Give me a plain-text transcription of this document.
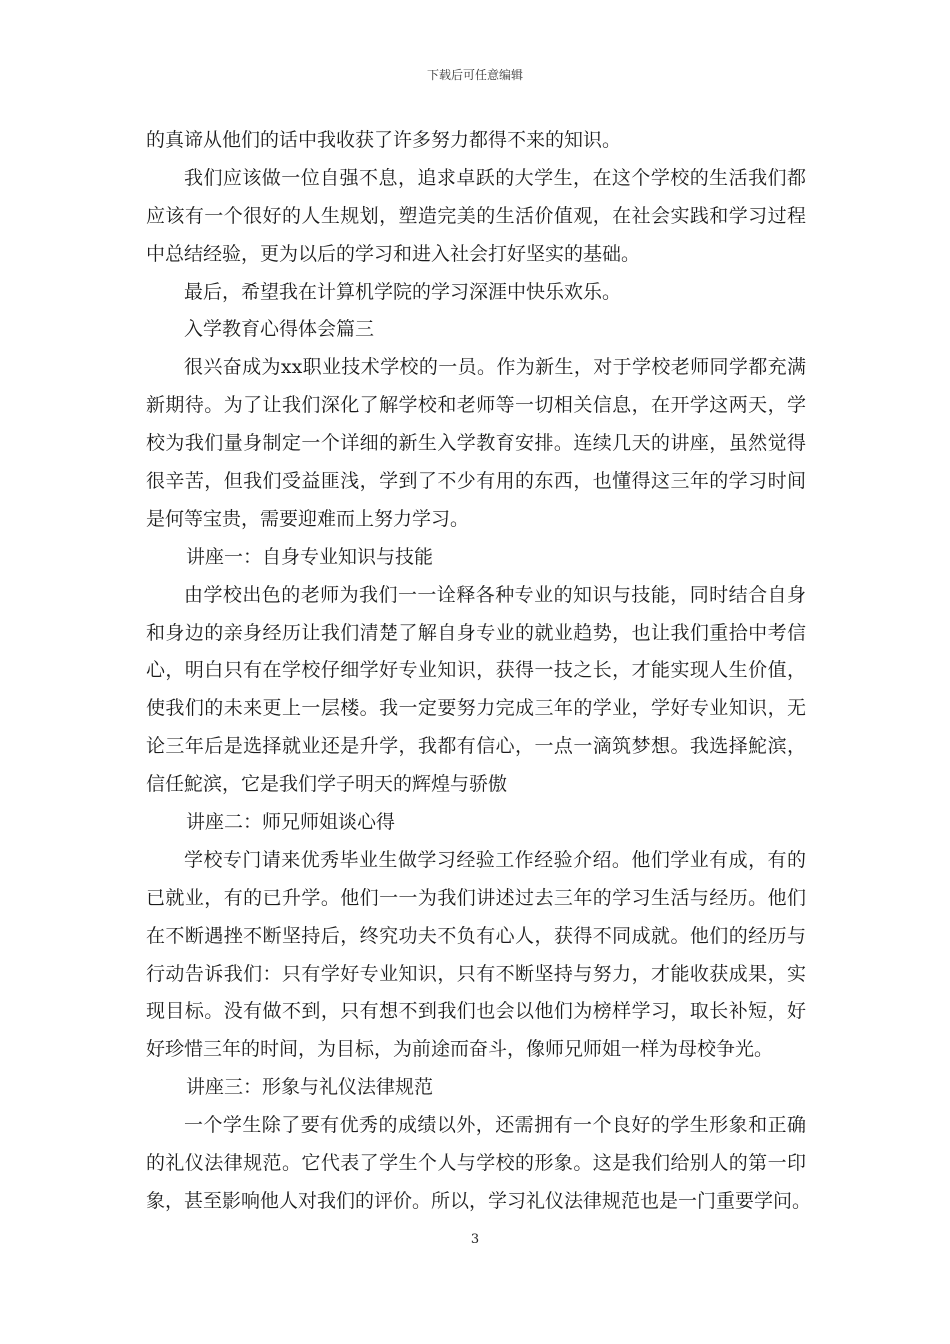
下载后可任意编辑
的真谛从他们的话中我收获了许多努力都得不来的知识。
我们应该做一位自强不息，追求卓跃的大学生，在这个学校的生活我们都
应该有一个很好的人生规划，塑造完美的生活价值观，在社会实践和学习过程
中总结经验，更为以后的学习和进入社会打好坚实的基础。
最后，希望我在计算机学院的学习深涯中快乐欢乐。
入学教育心得体会篇三
很兴奋成为xx职业技术学校的一员。作为新生，对于学校老师同学都充满
新期待。为了让我们深化了解学校和老师等一切相关信息，在开学这两天，学
校为我们量身制定一个详细的新生入学教育安排。连续几天的讲座，虽然觉得
很辛苦，但我们受益匪浅，学到了不少有用的东西，也懂得这三年的学习时间
是何等宝贵，需要迎难而上努力学习。
讲座一：自身专业知识与技能
由学校出色的老师为我们一一诠释各种专业的知识与技能，同时结合自身
和身边的亲身经历让我们清楚了解自身专业的就业趋势，也让我们重拾中考信
心，明白只有在学校仔细学好专业知识，获得一技之长，才能实现人生价值，
使我们的未来更上一层楼。我一定要努力完成三年的学业，学好专业知识，无
论三年后是选择就业还是升学，我都有信心，一点一滴筑梦想。我选择鮀滨，
信任鮀滨，它是我们学子明天的辉煌与骄傲
讲座二：师兄师姐谈心得
学校专门请来优秀毕业生做学习经验工作经验介绍。他们学业有成，有的
已就业，有的已升学。他们一一为我们讲述过去三年的学习生活与经历。他们
在不断遇挫不断坚持后，终究功夫不负有心人，获得不同成就。他们的经历与
行动告诉我们：只有学好专业知识，只有不断坚持与努力，才能收获成果，实
现目标。没有做不到，只有想不到我们也会以他们为榜样学习，取长补短，好
好珍惜三年的时间，为目标，为前途而奋斗，像师兄师姐一样为母校争光。
讲座三：形象与礼仪法律规范
一个学生除了要有优秀的成绩以外，还需拥有一个良好的学生形象和正确
的礼仪法律规范。它代表了学生个人与学校的形象。这是我们给别人的第一印
象，甚至影响他人对我们的评价。所以，学习礼仪法律规范也是一门重要学问。
3
